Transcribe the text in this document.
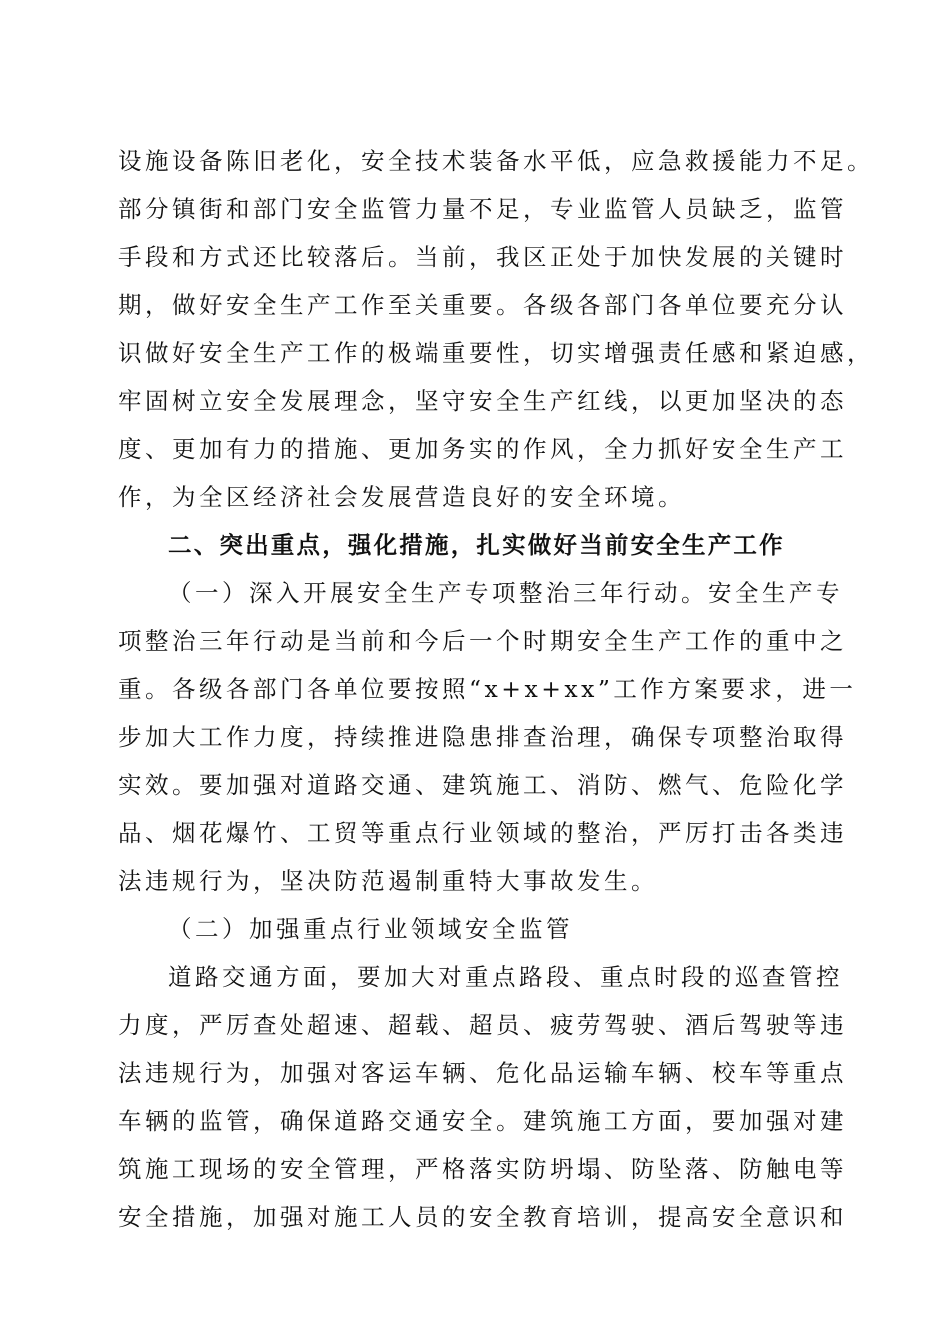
设施设备陈旧老化，安全技术装备水平低，应急救援能力不足。
部分镇街和部门安全监管力量不足，专业监管人员缺乏，监管
手段和方式还比较落后。当前，我区正处于加快发展的关键时
期，做好安全生产工作至关重要。各级各部门各单位要充分认
识做好安全生产工作的极端重要性，切实增强责任感和紧迫感，
牢固树立安全发展理念，坚守安全生产红线，以更加坚决的态
度、更加有力的措施、更加务实的作风，全力抓好安全生产工
作，为全区经济社会发展营造良好的安全环境。
二、突出重点，强化措施，扎实做好当前安全生产工作
（一）深入开展安全生产专项整治三年行动。安全生产专
项整治三年行动是当前和今后一个时期安全生产工作的重中之
重。各级各部门各单位要按照“x+x+xx”工作方案要求，进一
步加大工作力度，持续推进隐患排查治理，确保专项整治取得
实效。要加强对道路交通、建筑施工、消防、燃气、危险化学
品、烟花爆竹、工贸等重点行业领域的整治，严厉打击各类违
法违规行为，坚决防范遏制重特大事故发生。
（二）加强重点行业领域安全监管
道路交通方面，要加大对重点路段、重点时段的巡查管控
力度，严厉查处超速、超载、超员、疲劳驾驶、酒后驾驶等违
法违规行为，加强对客运车辆、危化品运输车辆、校车等重点
车辆的监管，确保道路交通安全。建筑施工方面，要加强对建
筑施工现场的安全管理，严格落实防坍塌、防坠落、防触电等
安全措施，加强对施工人员的安全教育培训，提高安全意识和
